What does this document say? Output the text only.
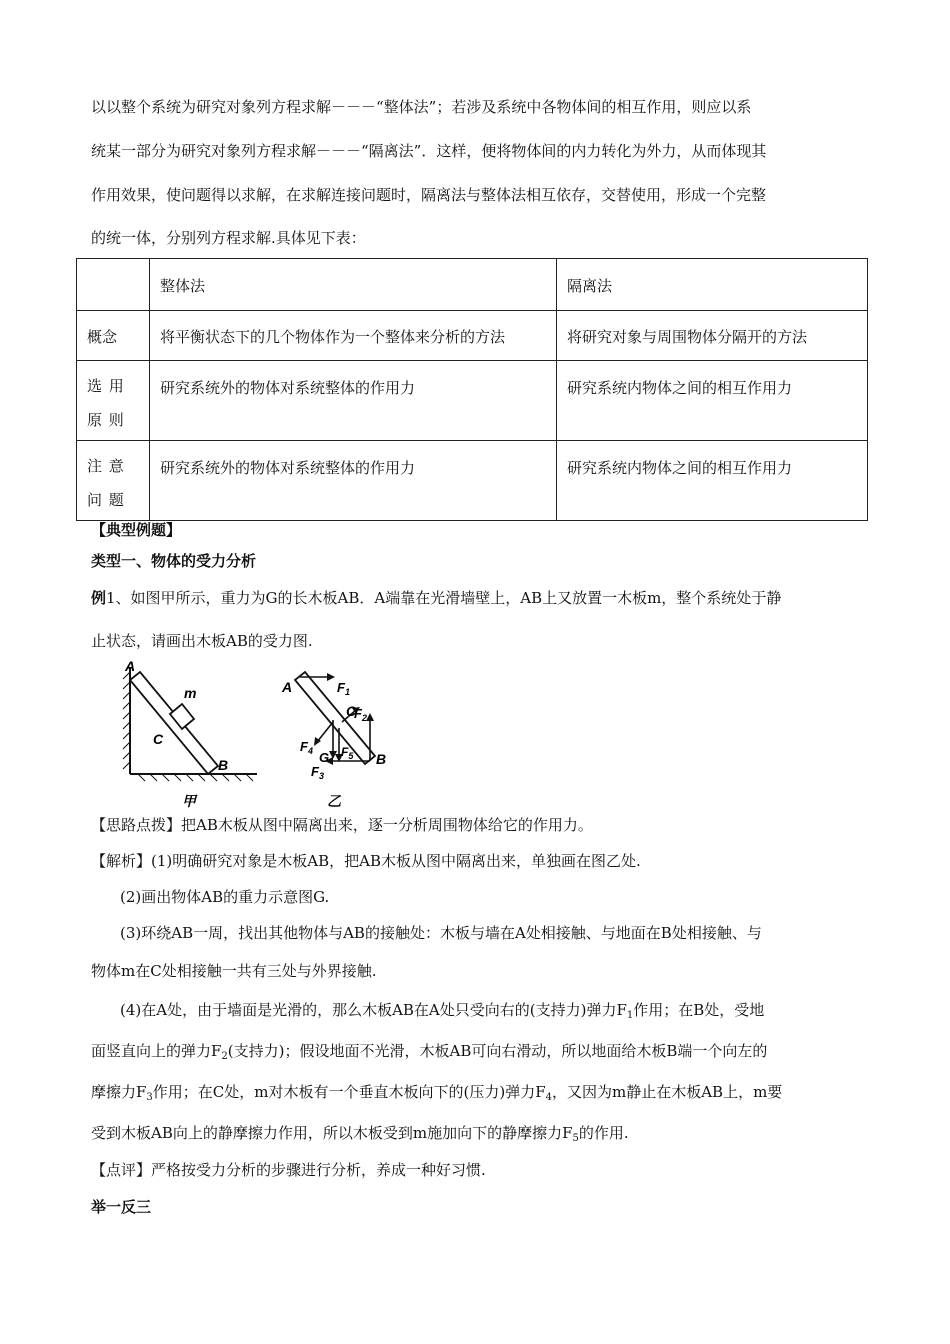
以以整个系统为研究对象列方程求解－－－“整体法”；若涉及系统中各物体间的相互作用，则应以系
统某一部分为研究对象列方程求解－－－“隔离法”．这样，便将物体间的内力转化为外力，从而体现其
作用效果，使问题得以求解，在求解连接问题时，隔离法与整体法相互依存，交替使用，形成一个完整
的统一体，分别列方程求解.具体见下表：
	整体法	隔离法
概念	将平衡状态下的几个物体作为一个整体来分析的方法	将研究对象与周围物体分隔开的方法
选 用 原 则	研究系统外的物体对系统整体的作用力	研究系统内物体之间的相互作用力
注 意 问 题	研究系统外的物体对系统整体的作用力	研究系统内物体之间的相互作用力
【典型例题】
类型一、物体的受力分析
例1、如图甲所示，重力为G的长木板AB．A端靠在光滑墙壁上，AB上又放置一木板m，整个系统处于静
止状态，请画出木板AB的受力图.
A
m
C
B
甲
A	$F_1$
C
$F_2$
$F_4$ G $F_5$
$F_3$
B
乙
【思路点拨】把AB木板从图中隔离出来，逐一分析周围物体给它的作用力。
【解析】(1)明确研究对象是木板AB，把AB木板从图中隔离出来，单独画在图乙处.
(2)画出物体AB的重力示意图G.
(3)环绕AB一周，找出其他物体与AB的接触处：木板与墙在A处相接触、与地面在B处相接触、与
物体m在C处相接触一共有三处与外界接触.
(4)在A处，由于墙面是光滑的，那么木板AB在A处只受向右的(支持力)弹力$F_1$作用；在B处，受地
面竖直向上的弹力$F_2$(支持力)；假设地面不光滑，木板AB可向右滑动，所以地面给木板B端一个向左的
摩擦力$F_3$作用；在C处，m对木板有一个垂直木板向下的(压力)弹力$F_4$，又因为m静止在木板AB上，m要
受到木板AB向上的静摩擦力作用，所以木板受到m施加向下的静摩擦力$F_5$的作用.
【点评】严格按受力分析的步骤进行分析，养成一种好习惯.
举一反三
